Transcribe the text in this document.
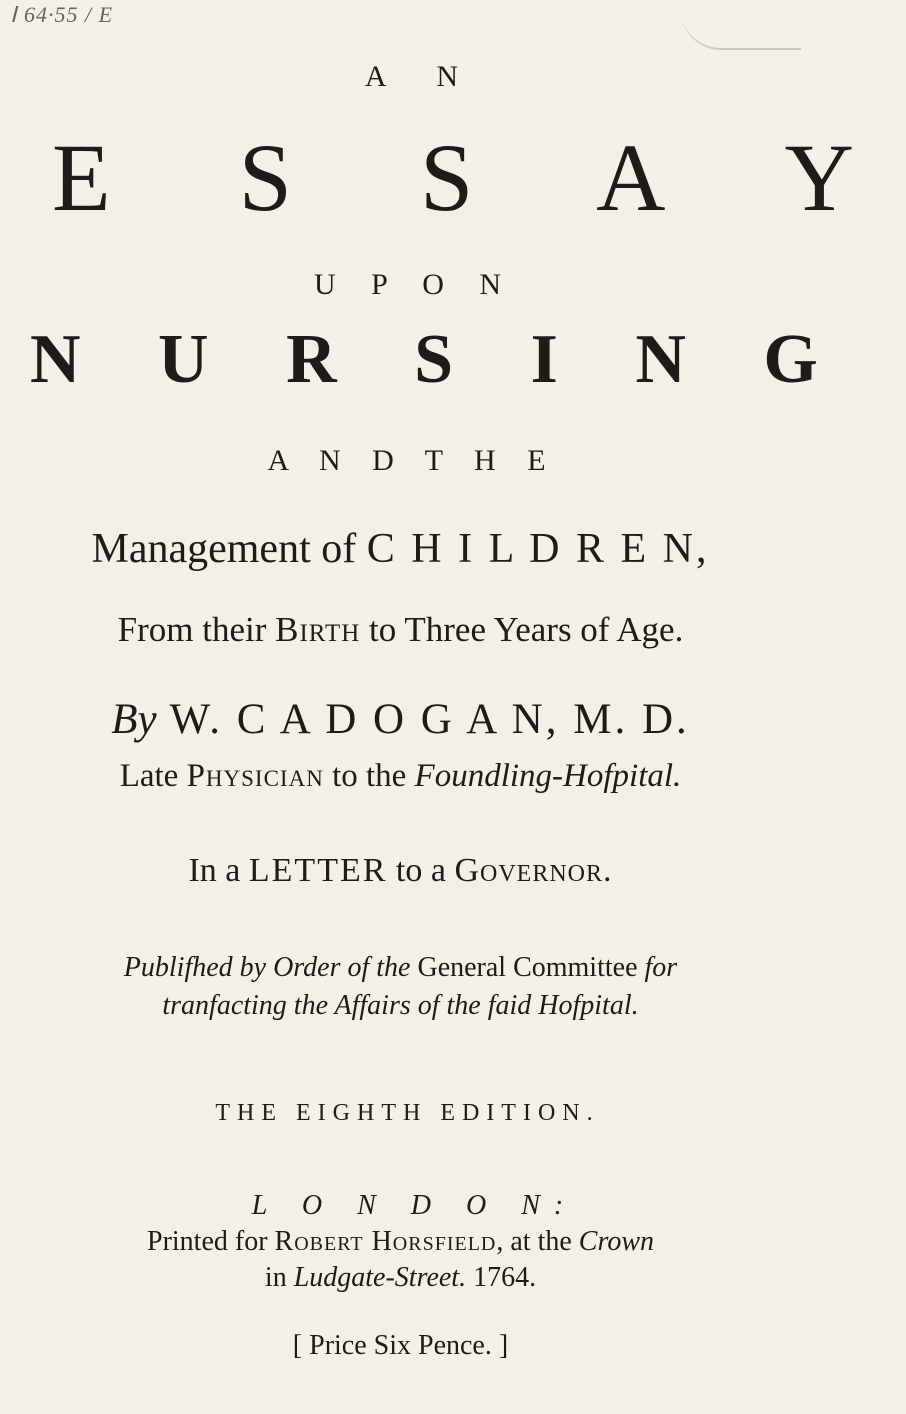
Ⅰ 64·55 / E
A N
E S S A Y
U P O N
N U R S I N G
A N D T H E
Management of C H I L D R E N,
From their Birth to Three Years of Age.
By W. C A D O G A N, M. D.
Late Physician to the Foundling-Hofpital.
In a LETTER to a Governor.
Publifhed by Order of the General Committee for
tranfacting the Affairs of the faid Hofpital.
THE EIGHTH EDITION.
L O N D O N:
Printed for Robert Horsfield, at the Crown
in Ludgate-Street. 1764.
[ Price Six Pence. ]
